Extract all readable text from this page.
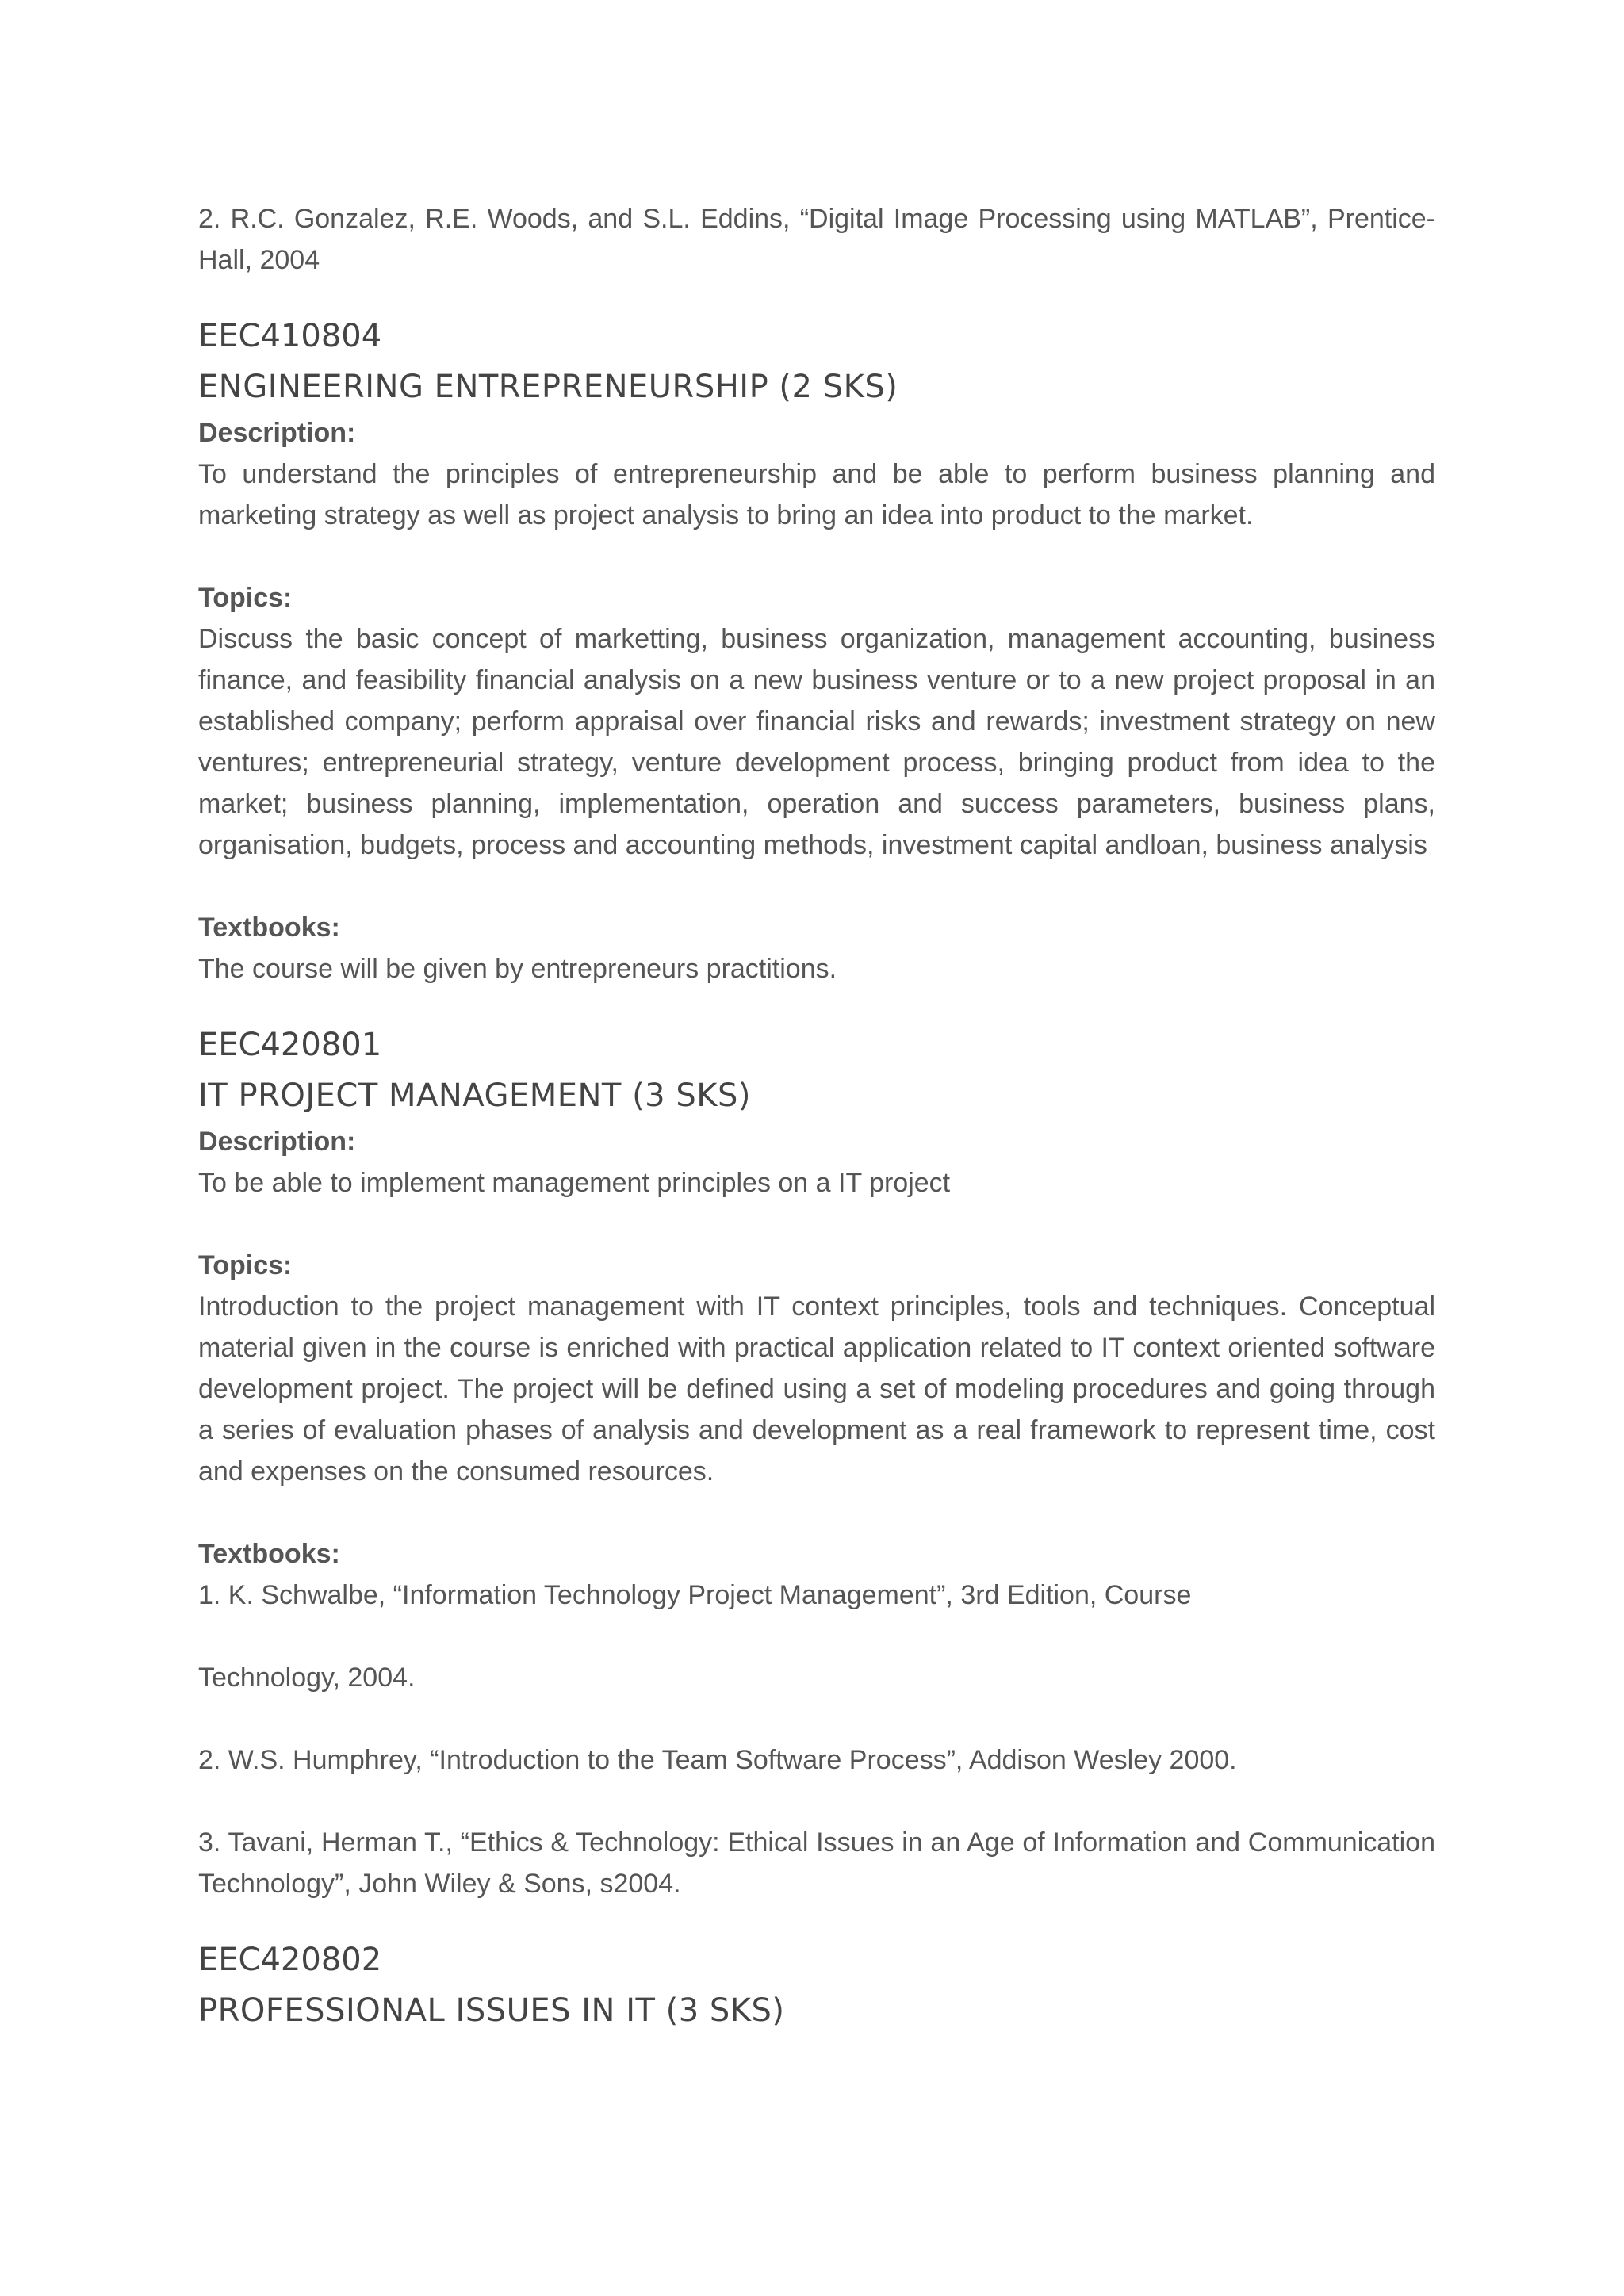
2. R.C. Gonzalez, R.E. Woods, and S.L. Eddins, “Digital Image Processing using MATLAB”, Prentice-Hall, 2004

EEC410804

ENGINEERING ENTREPRENEURSHIP (2 SKS)

Description:

To understand the principles of entrepreneurship and be able to perform business planning and marketing strategy as well as project analysis to bring an idea into product to the market.

Topics:

Discuss the basic concept of marketting, business organization, management accounting, business finance, and feasibility financial analysis on a new business venture or to a new project proposal in an established company; perform appraisal over financial risks and rewards; investment strategy on new ventures; entrepreneurial strategy, venture development process, bringing product from idea to the market; business planning, implementation, operation and success parameters, business plans, organisation, budgets, process and accounting methods, investment capital andloan, business analysis

Textbooks:

The course will be given by entrepreneurs practitions.

EEC420801

IT PROJECT MANAGEMENT (3 SKS)

Description:

To be able to implement management principles on a IT project

Topics:

Introduction to the project management with IT context principles, tools and techniques. Conceptual material given in the course is enriched with practical application related to IT context oriented software development project. The project will be defined using a set of modeling procedures and going through a series of evaluation phases of analysis and development as a real framework to represent time, cost and expenses on the consumed resources.

Textbooks:

1. K. Schwalbe, “Information Technology Project Management”, 3rd Edition, Course

Technology, 2004.

2. W.S. Humphrey, “Introduction to the Team Software Process”, Addison Wesley 2000.

3. Tavani, Herman T., “Ethics & Technology: Ethical Issues in an Age of Information and Communication Technology”, John Wiley & Sons, s2004.

EEC420802

PROFESSIONAL ISSUES IN IT (3 SKS)
